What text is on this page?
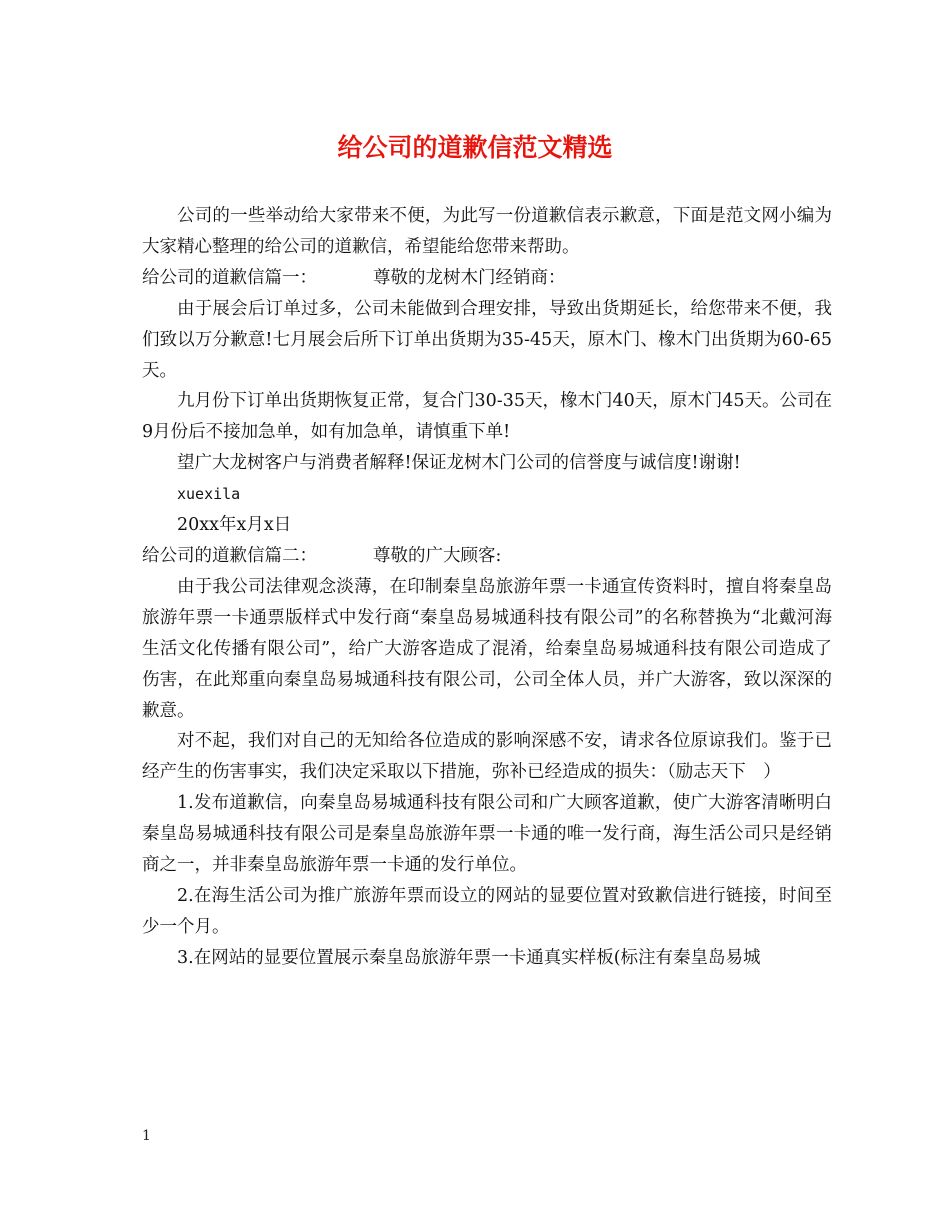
给公司的道歉信范文精选

公司的一些举动给大家带来不便，为此写一份道歉信表示歉意，下面是范文网小编为大家精心整理的给公司的道歉信，希望能给您带来帮助。

给公司的道歉信篇一：	尊敬的龙树木门经销商：

由于展会后订单过多，公司未能做到合理安排，导致出货期延长，给您带来不便，我们致以万分歉意!七月展会后所下订单出货期为35-45天，原木门、橡木门出货期为60-65天。

九月份下订单出货期恢复正常，复合门30-35天，橡木门40天，原木门45天。公司在9月份后不接加急单，如有加急单，请慎重下单!

望广大龙树客户与消费者解释!保证龙树木门公司的信誉度与诚信度!谢谢!

xuexila

20xx年x月x日

给公司的道歉信篇二：	尊敬的广大顾客:

由于我公司法律观念淡薄，在印制秦皇岛旅游年票一卡通宣传资料时，擅自将秦皇岛旅游年票一卡通票版样式中发行商“秦皇岛易城通科技有限公司”的名称替换为“北戴河海生活文化传播有限公司”，给广大游客造成了混淆，给秦皇岛易城通科技有限公司造成了伤害，在此郑重向秦皇岛易城通科技有限公司，公司全体人员，并广大游客，致以深深的歉意。

对不起，我们对自己的无知给各位造成的影响深感不安，请求各位原谅我们。鉴于已经产生的伤害事实，我们决定采取以下措施，弥补已经造成的损失：（励志天下　）

1.发布道歉信，向秦皇岛易城通科技有限公司和广大顾客道歉，使广大游客清晰明白秦皇岛易城通科技有限公司是秦皇岛旅游年票一卡通的唯一发行商，海生活公司只是经销商之一，并非秦皇岛旅游年票一卡通的发行单位。

2.在海生活公司为推广旅游年票而设立的网站的显要位置对致歉信进行链接，时间至少一个月。

3.在网站的显要位置展示秦皇岛旅游年票一卡通真实样板(标注有秦皇岛易城

1
